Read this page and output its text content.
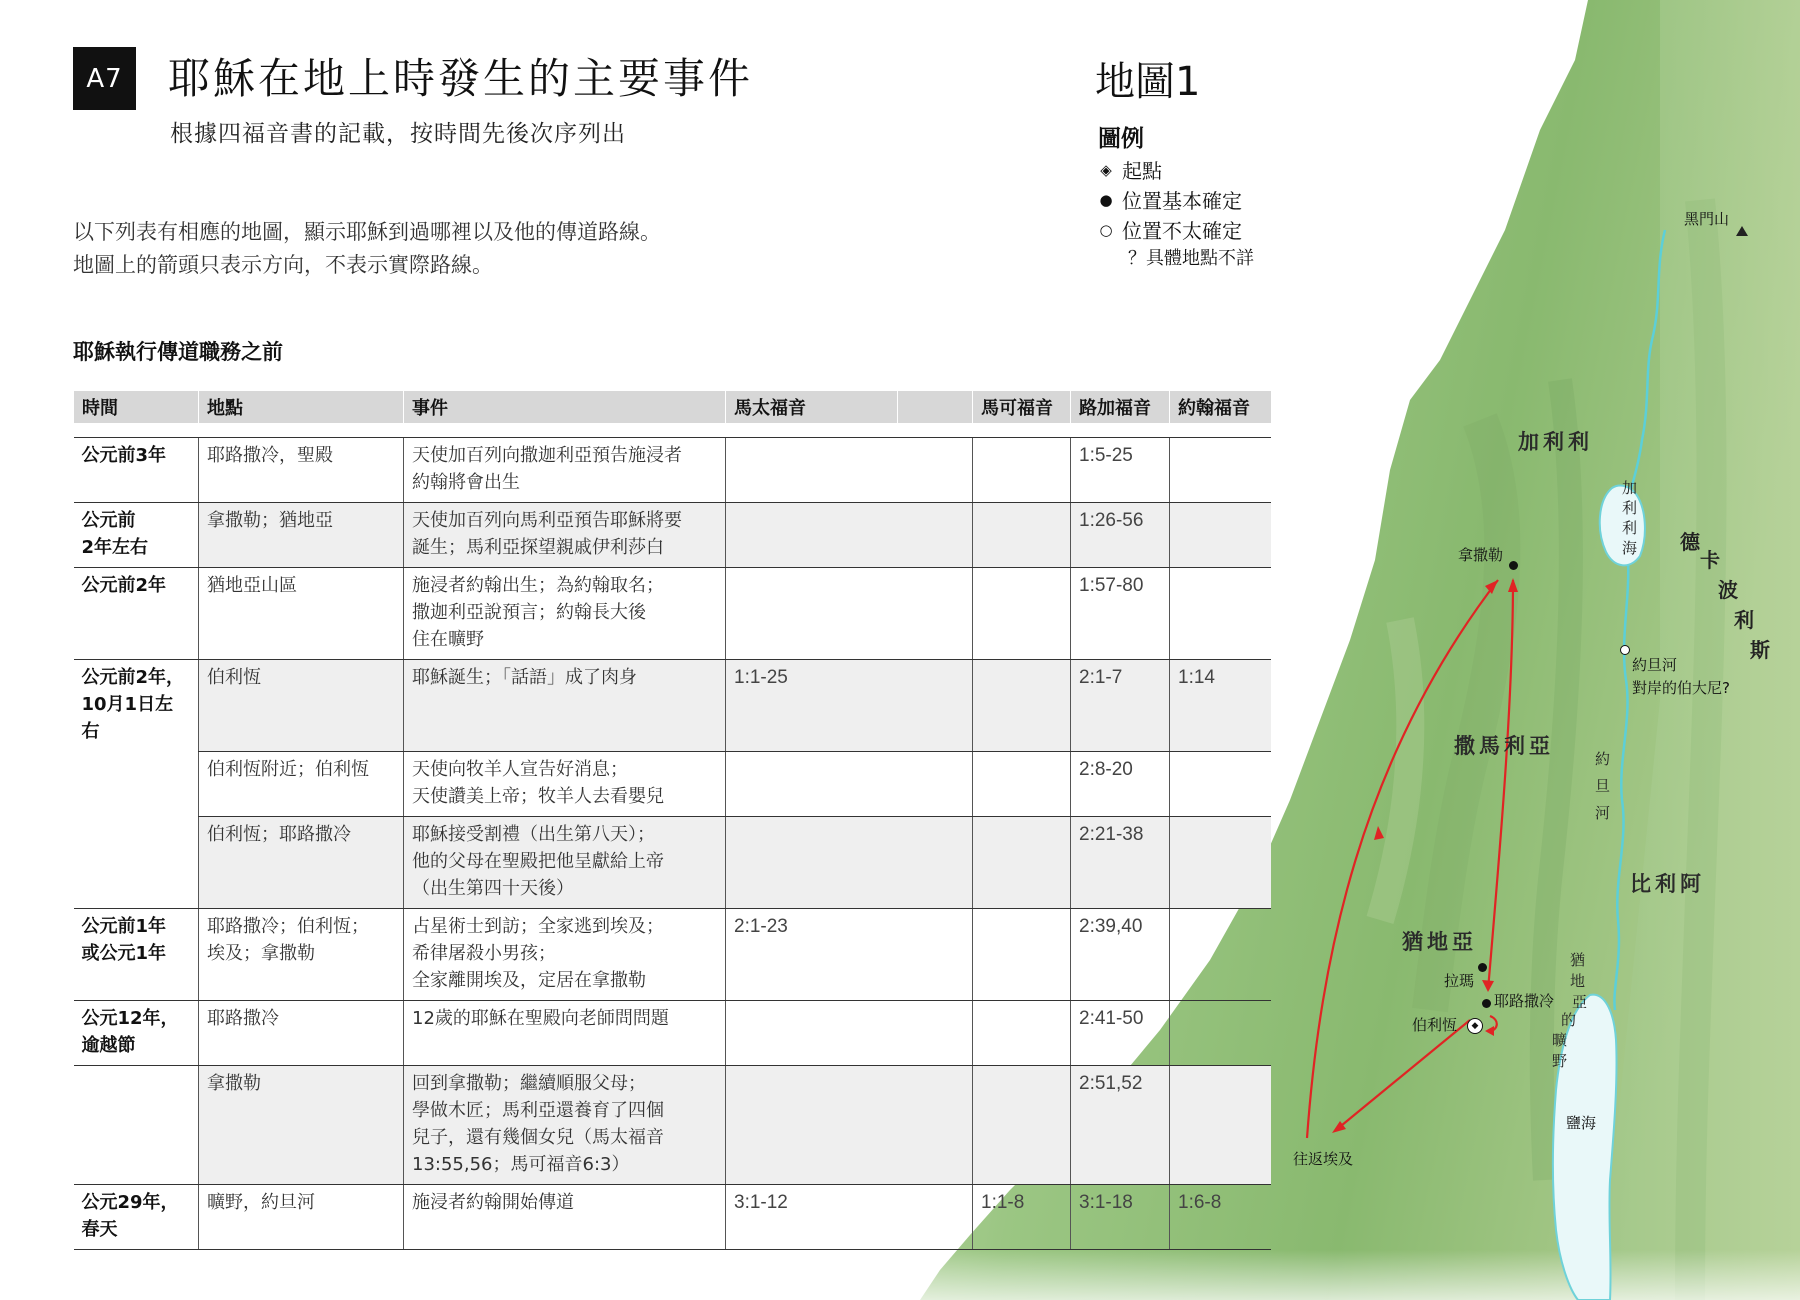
A7	耶穌在地上時發生的主要事件
根據四福音書的記載，按時間先後次序列出
以下列表有相應的地圖，顯示耶穌到過哪裡以及他的傳道路線。
地圖上的箭頭只表示方向，不表示實際路線。
耶穌執行傳道職務之前
地圖1
圖例
◈ 起點
● 位置基本確定
○ 位置不太確定
？具體地點不詳
時間	地點	事件	馬太福音		馬可福音	路加福音	約翰福音

公元前3年	耶路撒冷，聖殿	天使加百列向撒迦利亞預告施浸者
約翰將會出生				1:5-25	
公元前
2年左右	拿撒勒；猶地亞	天使加百列向馬利亞預告耶穌將要
誕生；馬利亞探望親戚伊利莎白				1:26-56	
公元前2年	猶地亞山區	施浸者約翰出生；為約翰取名；
撒迦利亞說預言；約翰長大後
住在曠野				1:57-80	
公元前2年，
10月1日左右	伯利恆	耶穌誕生；「話語」成了肉身	1:1-25			2:1-7	1:14
	伯利恆附近；伯利恆	天使向牧羊人宣告好消息；
天使讚美上帝；牧羊人去看嬰兒				2:8-20	
	伯利恆；耶路撒冷	耶穌接受割禮（出生第八天）；
他的父母在聖殿把他呈獻給上帝
（出生第四十天後）				2:21-38	
公元前1年
或公元1年	耶路撒冷；伯利恆；
埃及；拿撒勒	占星術士到訪；全家逃到埃及；
希律屠殺小男孩；
全家離開埃及，定居在拿撒勒	2:1-23			2:39,40	
公元12年，
逾越節	耶路撒冷	12歲的耶穌在聖殿向老師問問題				2:41-50	
	拿撒勒	回到拿撒勒；繼續順服父母；
學做木匠；馬利亞還養育了四個
兒子，還有幾個女兒（馬太福音
13:55,56；馬可福音6:3）				2:51,52	
公元29年，
春天	曠野，約旦河	施浸者約翰開始傳道	3:1-12		1:1-8	3:1-18	1:6-8
黑門山
加利利
加
利
利
海 德
卡
波
利
斯
拿撒勒
約旦河
對岸的伯大尼?
撒馬利亞
約
旦
河
比利阿
猶地亞
拉瑪
耶路撒冷
◆
伯利恆
猶
地
亞
的
曠
野
鹽海
往返埃及
